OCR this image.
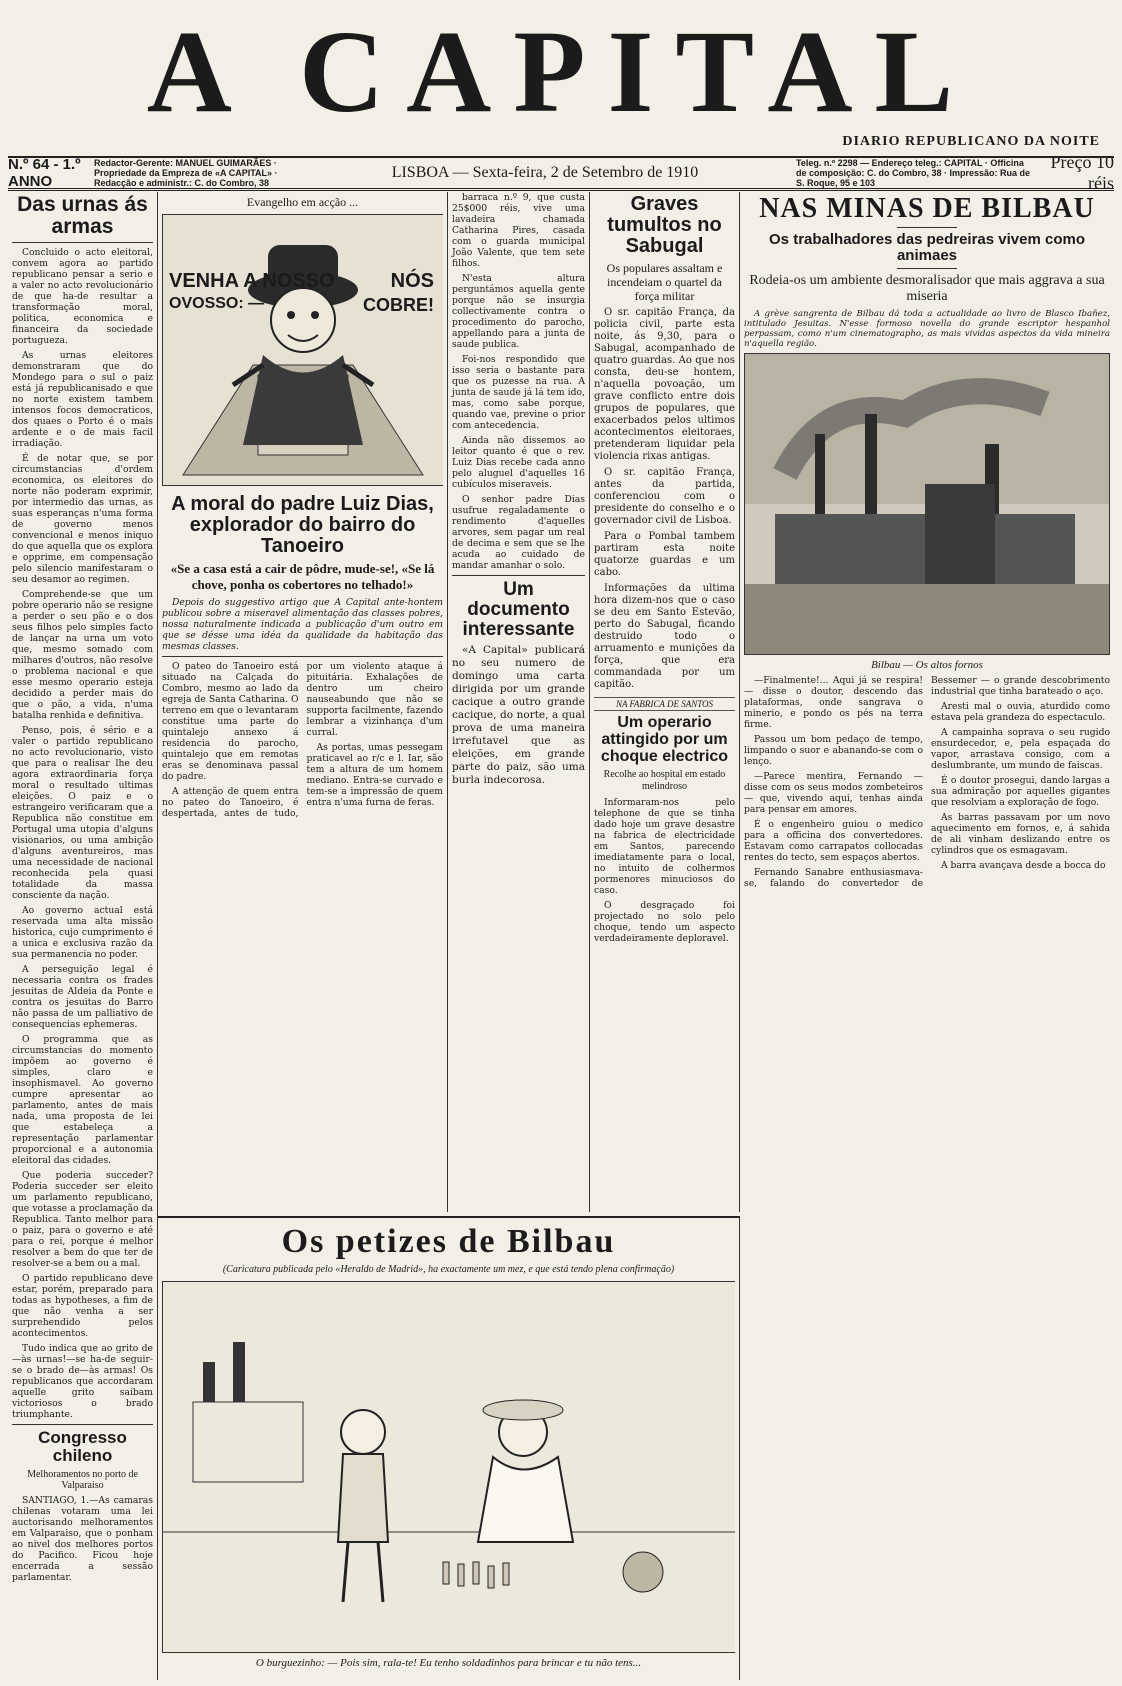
A CAPITAL
DIARIO REPUBLICANO DA NOITE
N.º 64 - 1.º ANNO
Redactor-Gerente: MANUEL GUIMARÃES · Propriedade da Empreza de «A CAPITAL» · Redacção e administr.: C. do Combro, 38
LISBOA — Sexta-feira, 2 de Setembro de 1910
Teleg. n.º 2298 — Endereço teleg.: CAPITAL · Officina de composição: C. do Combro, 38 · Impressão: Rua de S. Roque, 95 e 103
Preço 10 réis
Das urnas ás armas

Concluido o acto eleitoral, convem agora ao partido republicano pensar a serio e a valer no acto revolucionário de que ha-de resultar a transformação moral, politica, economica e financeira da sociedade portugueza.

As urnas eleitores demonstraram que do Mondego para o sul o paiz está já republicanisado e que no norte existem tambem intensos focos democraticos, dos quaes o Porto é o mais ardente e o de mais facil irradiação.

É de notar que, se por circumstancias d'ordem economica, os eleitores do norte não poderam exprimir, por intermedio das urnas, as suas esperanças n'uma forma de governo menos convencional e menos iniquo do que aquella que os explora e opprime, em compensação pelo silencio manifestaram o seu desamor ao regimen.

Comprehende-se que um pobre operario não se resigne a perder o seu pão e o dos seus filhos pelo simples facto de lançar na urna um voto que, mesmo somado com milhares d'outros, não resolve o problema nacional e que esse mesmo operario esteja decidido a perder mais do que o pão, a vida, n'uma batalha renhida e definitiva.

Penso, pois, é sério e a valer o partido republicano no acto revolucionario, visto que para o realisar lhe deu agora extraordinaria força moral o resultado ultimas eleições. O paiz e o estrangeiro verificaram que a Republica não constitue em Portugal uma utopia d'alguns visionarios, ou uma ambição d'alguns aventureiros, mas uma necessidade de nacional reconhecida pela quasi totalidade da massa consciente da nação.

Ao governo actual está reservada uma alta missão historica, cujo cumprimento é a unica e exclusiva razão da sua permanencia no poder.

A perseguição legal é necessaria contra os frades jesuitas de Aldeia da Ponte e contra os jesuitas do Barro não passa de um palliativo de consequencias ephemeras.

O programma que as circumstancias do momento impõem ao governo é simples, claro e insophismavel. Ao governo cumpre apresentar ao parlamento, antes de mais nada, uma proposta de lei que estabeleça a representação parlamentar proporcional e a autonomia eleitoral das cidades.

Que poderia succeder? Poderia succeder ser eleito um parlamento republicano, que votasse a proclamação da Republica. Tanto melhor para o paiz, para o governo e até para o rei, porque é melhor resolver a bem do que ter de resolver-se a bem ou a mal.

O partido republicano deve estar, porém, preparado para todas as hypotheses, a fim de que não venha a ser surprehendido pelos acontecimentos.

Tudo indica que ao grito de—às urnas!—se ha-de seguir-se o brado de—às armas! Os republicanos que accordaram aquelle grito saibam victoriosos o brado triumphante.

Congresso chileno
Melhoramentos no porto de Valparaiso

SANTIAGO, 1.—As camaras chilenas votaram uma lei auctorisando melhoramentos em Valparaiso, que o ponham ao nivel dos melhores portos do Pacifico. Ficou hoje encerrada a sessão parlamentar.

Evangelho em acção ...
VENHA A NOSSO
OVOSSO: —
NÓS
COBRE!
A moral do padre Luiz Dias, explorador do bairro do Tanoeiro
«Se a casa está a cair de pôdre, mude-se!, «Se lá chove, ponha os cobertores no telhado!»

Depois do suggestivo artigo que A Capital ante-hontem publicou sobre a miseravel alimentação das classes pobres, nossa naturalmente indicada a publicação d'um outro em que se désse uma idéa da qualidade da habitação das mesmas classes.

O pateo do Tanoeiro está situado na Calçada do Combro, mesmo ao lado da egreja de Santa Catharina. O terreno em que o levantaram constitue uma parte do quintalejo annexo á residencia do parocho, quintalejo que em remotas eras se denominava passal do padre.

A attenção de quem entra no pateo do Tanoeiro, é despertada, antes de tudo, por um violento ataque á pituitária. Exhalações de dentro um cheiro nauseabundo que não se supporta facilmente, fazendo lembrar a vizinhança d'um curral.

As portas, umas pessegam praticavel ao r/c e l. Iar, são tem a altura de um homem mediano. Entra-se curvado e tem-se a impressão de quem entra n'uma furna de feras.

barraca n.º 9, que custa 25$000 réis, vive uma lavadeira chamada Catharina Pires, casada com o guarda municipal João Valente, que tem sete filhos.

N'esta altura perguntámos aquella gente porque não se insurgia collectivamente contra o procedimento do parocho, appellando para a junta de saude publica.

Foi-nos respondido que isso seria o bastante para que os puzesse na rua. A junta de saude já lá tem ido, mas, como sabe porque, quando vae, previne o prior com antecedencia.

Ainda não dissemos ao leitor quanto é que o rev. Luiz Dias recebe cada anno pelo aluguel d'aquelles 16 cubículos miseraveis.

O senhor padre Dias usufrue regaladamente o rendimento d'aquelles arvores, sem pagar um real de decima e sem que se lhe acuda ao cuidado de mandar amanhar o solo.

Um documento interessante

«A Capital» publicará no seu numero de domingo uma carta dirigida por um grande cacique a outro grande cacique, do norte, a qual prova de uma maneira irrefutavel que as eleições, em grande parte do paiz, são uma burla indecorosa.

Graves tumultos no Sabugal
Os populares assaltam e incendeiam o quartel da força militar

O sr. capitão França, da policia civil, parte esta noite, ás 9,30, para o Sabugal, acompanhado de quatro guardas. Ao que nos consta, deu-se hontem, n'aquella povoação, um grave conflicto entre dois grupos de populares, que exacerbados pelos ultimos acontecimentos eleitoraes, pretenderam liquidar pela violencia rixas antigas.

O sr. capitão França, antes da partida, conferenciou com o presidente do conselho e o governador civil de Lisboa.

Para o Pombal tambem partiram esta noite quatorze guardas e um cabo.

Informações da ultima hora dizem-nos que o caso se deu em Santo Estevão, perto do Sabugal, ficando destruido todo o arruamento e munições da força, que era commandada por um capitão.

NA FABRICA DE SANTOS
Um operario attingido por um choque electrico
Recolhe ao hospital em estado melindroso

Informaram-nos pelo telephone de que se tinha dado hoje um grave desastre na fabrica de electricidade em Santos, parecendo imediatamente para o local, no intuito de colhermos pormenores minuciosos do caso.

O desgraçado foi projectado no solo pelo choque, tendo um aspecto verdadeiramente deploravel.

NAS MINAS DE BILBAU
Os trabalhadores das pedreiras vivem como animaes
Rodeia-os um ambiente desmoralisador que mais aggrava a sua miseria

A grève sangrenta de Bilbau dá toda a actualidade ao livro de Blasco Ibañez, intitulado Jesuitas. N'esse formoso novella do grande escriptor hespanhol perpassam, como n'um cinematographo, as mais vividas aspectos da vida mineira n'aquella região.

Bilbau — Os altos fornos

—Finalmente!... Aqui já se respira! — disse o doutor, descendo das plataformas, onde sangrava o minerio, e pondo os pés na terra firme.

Passou um bom pedaço de tempo, limpando o suor e abanando-se com o lenço.

—Parece mentira, Fernando — disse com os seus modos zombeteiros — que, vivendo aqui, tenhas ainda para pensar em amores.

É o engenheiro guiou o medico para a officina dos convertedores. Estavam como carrapatos collocadas rentes do tecto, sem espaços abertos.

Fernando Sanabre enthusiasmava-se, falando do convertedor de Bessemer — o grande descobrimento industrial que tinha barateado o aço.

Aresti mal o ouvia, aturdido como estava pela grandeza do espectaculo.

A campainha soprava o seu rugido ensurdecedor, e, pela espaçada do vapor, arrastava consigo, com a deslumbrante, um mundo de faiscas.

É o doutor prosegui, dando largas a sua admiração por aquelles gigantes que resolviam a exploração de fogo.

As barras passavam por um novo aquecimento em fornos, e, á sahida de ali vinham deslizando entre os cylindros que os esmagavam.

A barra avançava desde a bocca do

Os petizes de Bilbau
(Caricatura publicada pelo «Heraldo de Madrid», ha exactamente um mez, e que está tendo plena confirmação)
O burguezinho: — Pois sim, rala-te! Eu tenho soldadinhos para brincar e tu não tens...
